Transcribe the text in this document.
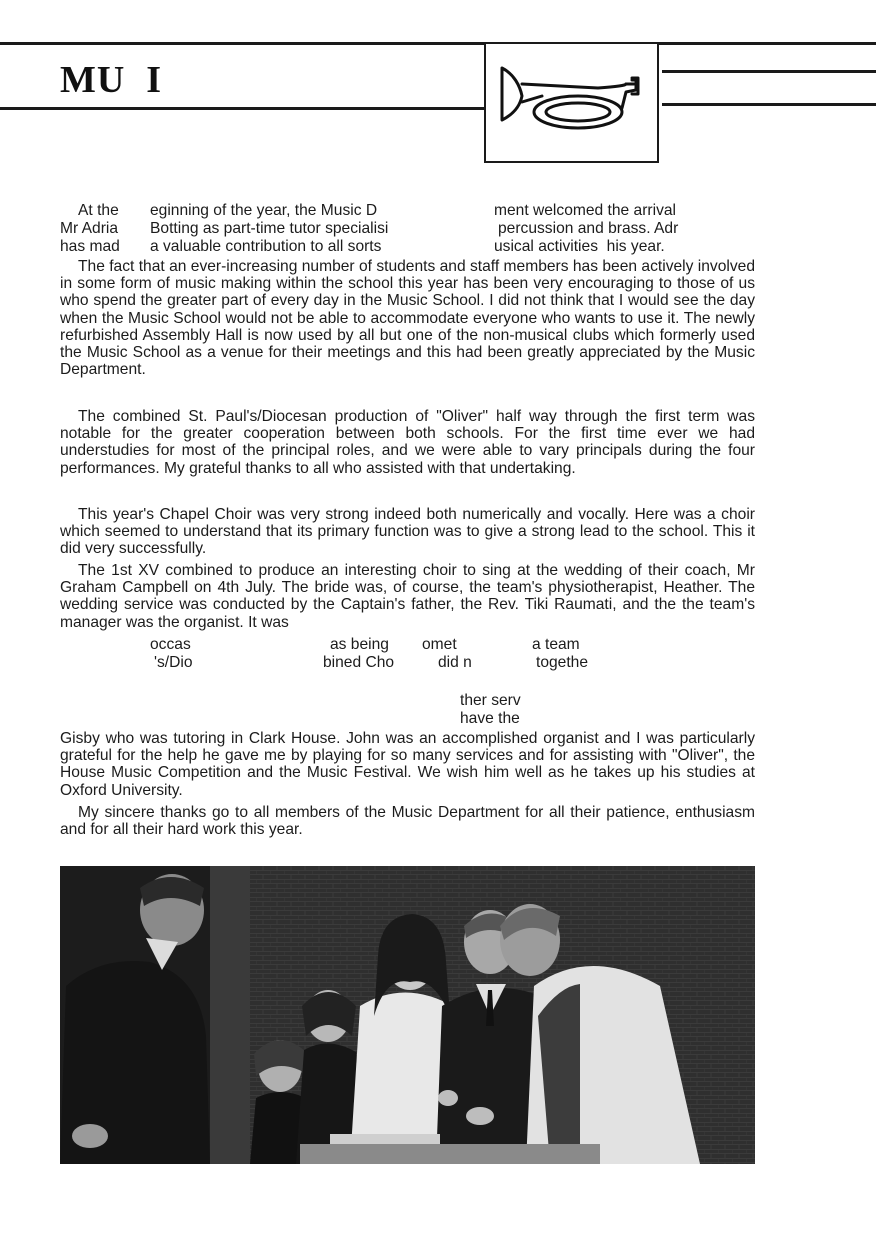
MU  I
At the eginning of the year, the Music D	ment welcomed the arrival
Mr Adria Botting as part-time tutor specialisi	percussion and brass. Adr
has mad a valuable contribution to all sorts	usical activities  his year.

The fact that an ever-increasing number of students and staff members has been actively involved in some form of music making within the school this year has been very encouraging to those of us who spend the greater part of every day in the Music School. I did not think that I would see the day when the Music School would not be able to accommodate everyone who wants to use it. The newly refurbished Assembly Hall is now used by all but one of the non-musical clubs which formerly used the Music School as a venue for their meetings and this had been greatly appreciated by the Music Department.

The combined St. Paul's/Diocesan production of "Oliver" half way through the first term was notable for the greater cooperation between both schools. For the first time ever we had understudies for most of the principal roles, and we were able to vary principals during the four performances. My grateful thanks to all who assisted with that undertaking.

This year's Chapel Choir was very strong indeed both numerically and vocally. Here was a choir which seemed to understand that its primary function was to give a strong lead to the school. This it did very successfully.

The 1st XV combined to produce an interesting choir to sing at the wedding of their coach, Mr Graham Campbell on 4th July. The bride was, of course, the team's physiotherapist, Heather. The wedding service was conducted by the Captain's father, the Rev. Tiki Raumati, and the the team's manager was the organist. It was

occas	as being omet	a team
's/Dio	bined Cho	did n	togethe
ther serv
have the

Gisby who was tutoring in Clark House. John was an accomplished organist and I was particularly grateful for the help he gave me by playing for so many services and for assisting with "Oliver", the House Music Competition and the Music Festival. We wish him well as he takes up his studies at Oxford University.

My sincere thanks go to all members of the Music Department for all their patience, enthusiasm and for all their hard work this year.
